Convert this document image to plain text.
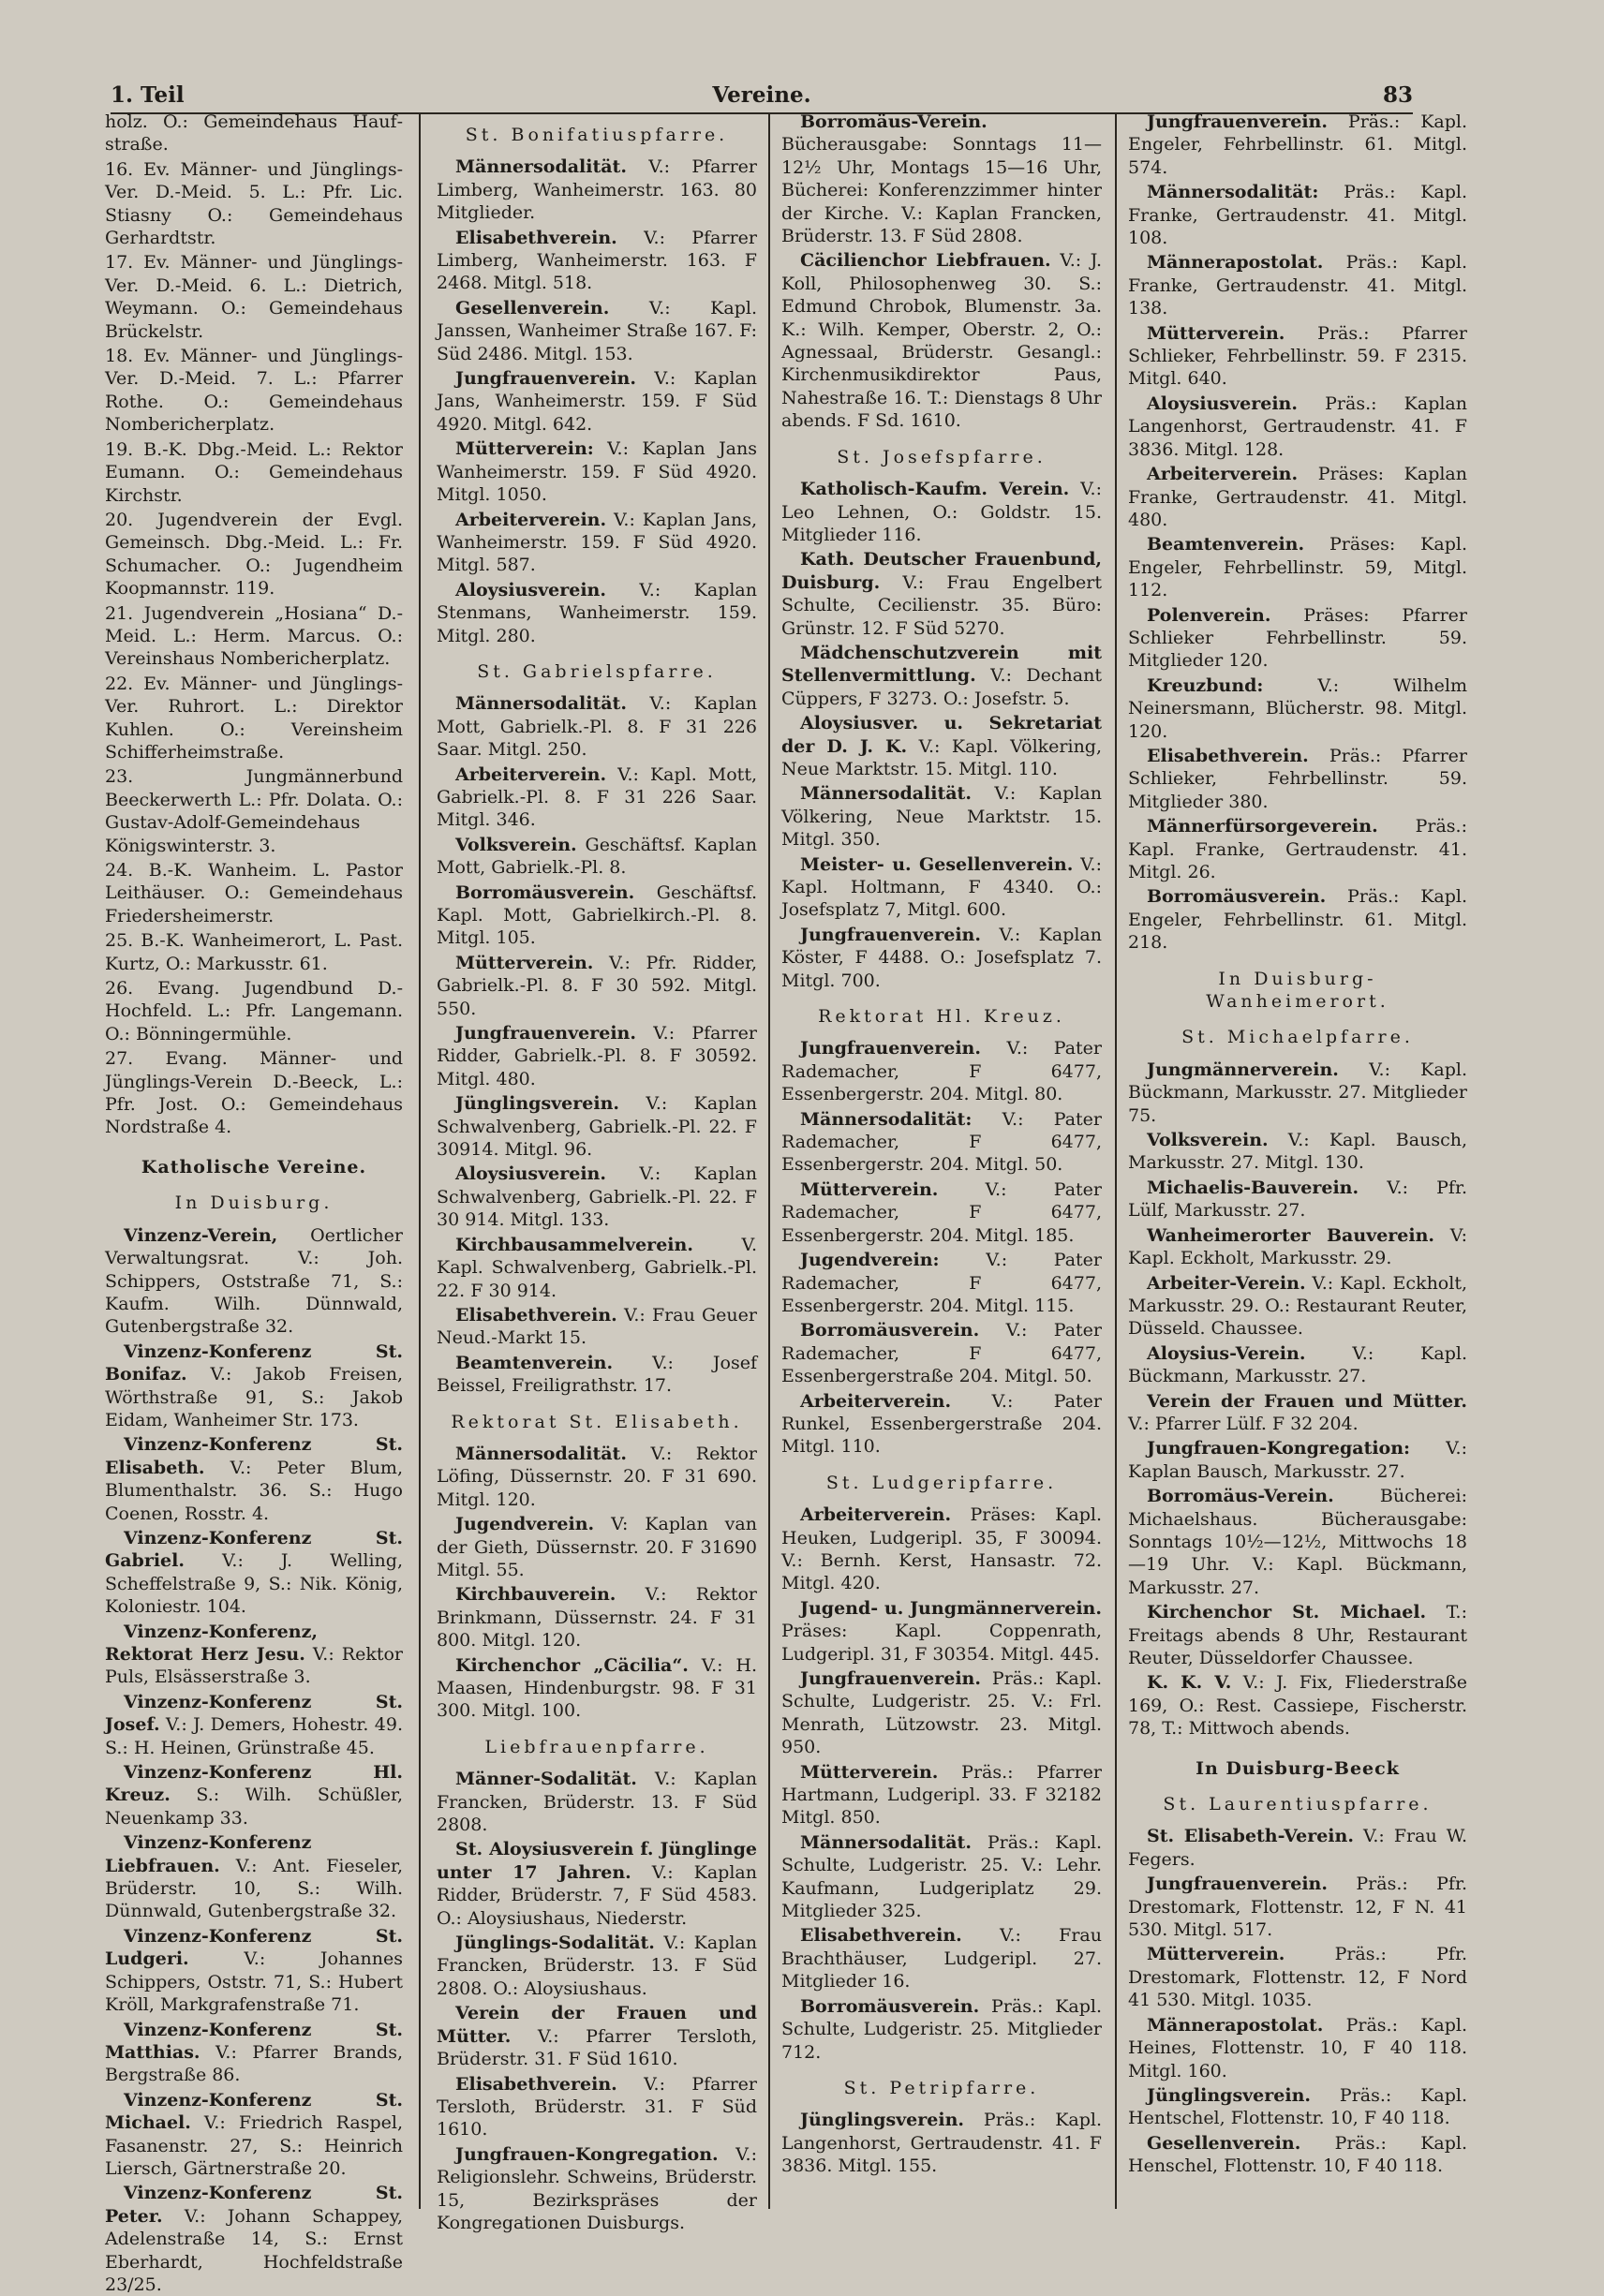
1. Teil	Vereine.	83

holz. O.: Gemeindehaus Haufstraße.

16. Ev. Männer- und Jünglings-Ver. D.-Meid. 5. L.: Pfr. Lic. Stiasny O.: Gemeindehaus Gerhardtstr.

17. Ev. Männer- und Jünglings-Ver. D.-Meid. 6. L.: Dietrich, Weymann. O.: Gemeindehaus Brückelstr.

18. Ev. Männer- und Jünglings-Ver. D.-Meid. 7. L.: Pfarrer Rothe. O.: Gemeindehaus Nombericherplatz.

19. B.-K. Dbg.-Meid. L.: Rektor Eumann. O.: Gemeindehaus Kirchstr.

20. Jugendverein der Evgl. Gemeinsch. Dbg.-Meid. L.: Fr. Schumacher. O.: Jugendheim Koopmannstr. 119.

21. Jugendverein „Hosiana“ D.-Meid. L.: Herm. Marcus. O.: Vereinshaus Nombericherplatz.

22. Ev. Männer- und Jünglings-Ver. Ruhrort. L.: Direktor Kuhlen. O.: Vereinsheim Schifferheimstraße.

23. Jungmännerbund Beeckerwerth L.: Pfr. Dolata. O.: Gustav-Adolf-Gemeindehaus Königswinterstr. 3.

24. B.-K. Wanheim. L. Pastor Leithäuser. O.: Gemeindehaus Friedersheimerstr.

25. B.-K. Wanheimerort, L. Past. Kurtz, O.: Markusstr. 61.

26. Evang. Jugendbund D.-Hochfeld. L.: Pfr. Langemann. O.: Bönningermühle.

27. Evang. Männer- und Jünglings-Verein D.-Beeck, L.: Pfr. Jost. O.: Gemeindehaus Nordstraße 4.

Katholische Vereine.

In Duisburg.

Vinzenz-Verein, Oertlicher Verwaltungsrat. V.: Joh. Schippers, Oststraße 71, S.: Kaufm. Wilh. Dünnwald, Gutenbergstraße 32.

Vinzenz-Konferenz St. Bonifaz. V.: Jakob Freisen, Wörthstraße 91, S.: Jakob Eidam, Wanheimer Str. 173.

Vinzenz-Konferenz St. Elisabeth. V.: Peter Blum, Blumenthalstr. 36. S.: Hugo Coenen, Rosstr. 4.

Vinzenz-Konferenz St. Gabriel. V.: J. Welling, Scheffelstraße 9, S.: Nik. König, Koloniestr. 104.

Vinzenz-Konferenz, Rektorat Herz Jesu. V.: Rektor Puls, Elsässerstraße 3.

Vinzenz-Konferenz St. Josef. V.: J. Demers, Hohestr. 49. S.: H. Heinen, Grünstraße 45.

Vinzenz-Konferenz Hl. Kreuz. S.: Wilh. Schüßler, Neuenkamp 33.

Vinzenz-Konferenz Liebfrauen. V.: Ant. Fieseler, Brüderstr. 10, S.: Wilh. Dünnwald, Gutenbergstraße 32.

Vinzenz-Konferenz St. Ludgeri. V.: Johannes Schippers, Oststr. 71, S.: Hubert Kröll, Markgrafenstraße 71.

Vinzenz-Konferenz St. Matthias. V.: Pfarrer Brands, Bergstraße 86.

Vinzenz-Konferenz St. Michael. V.: Friedrich Raspel, Fasanenstr. 27, S.: Heinrich Liersch, Gärtnerstraße 20.

Vinzenz-Konferenz St. Peter. V.: Johann Schappey, Adelenstraße 14, S.: Ernst Eberhardt, Hochfeldstraße 23/25.

St. Bonifatiuspfarre.

Männersodalität. V.: Pfarrer Limberg, Wanheimerstr. 163. 80 Mitglieder.

Elisabethverein. V.: Pfarrer Limberg, Wanheimerstr. 163. F 2468. Mitgl. 518.

Gesellenverein. V.: Kapl. Janssen, Wanheimer Straße 167. F: Süd 2486. Mitgl. 153.

Jungfrauenverein. V.: Kaplan Jans, Wanheimerstr. 159. F Süd 4920. Mitgl. 642.

Mütterverein: V.: Kaplan Jans Wanheimerstr. 159. F Süd 4920. Mitgl. 1050.

Arbeiterverein. V.: Kaplan Jans, Wanheimerstr. 159. F Süd 4920. Mitgl. 587.

Aloysiusverein. V.: Kaplan Stenmans, Wanheimerstr. 159. Mitgl. 280.

St. Gabrielspfarre.

Männersodalität. V.: Kaplan Mott, Gabrielk.-Pl. 8. F 31 226 Saar. Mitgl. 250.

Arbeiterverein. V.: Kapl. Mott, Gabrielk.-Pl. 8. F 31 226 Saar. Mitgl. 346.

Volksverein. Geschäftsf. Kaplan Mott, Gabrielk.-Pl. 8.

Borromäusverein. Geschäftsf. Kapl. Mott, Gabrielkirch.-Pl. 8. Mitgl. 105.

Mütterverein. V.: Pfr. Ridder, Gabrielk.-Pl. 8. F 30 592. Mitgl. 550.

Jungfrauenverein. V.: Pfarrer Ridder, Gabrielk.-Pl. 8. F 30592. Mitgl. 480.

Jünglingsverein. V.: Kaplan Schwalvenberg, Gabrielk.-Pl. 22. F 30914. Mitgl. 96.

Aloysiusverein. V.: Kaplan Schwalvenberg, Gabrielk.-Pl. 22. F 30 914. Mitgl. 133.

Kirchbausammelverein. V. Kapl. Schwalvenberg, Gabrielk.-Pl. 22. F 30 914.

Elisabethverein. V.: Frau Geuer Neud.-Markt 15.

Beamtenverein. V.: Josef Beissel, Freiligrathstr. 17.

Rektorat St. Elisabeth.

Männersodalität. V.: Rektor Löfing, Düssernstr. 20. F 31 690. Mitgl. 120.

Jugendverein. V: Kaplan van der Gieth, Düssernstr. 20. F 31690 Mitgl. 55.

Kirchbauverein. V.: Rektor Brinkmann, Düssernstr. 24. F 31 800. Mitgl. 120.

Kirchenchor „Cäcilia“. V.: H. Maasen, Hindenburgstr. 98. F 31 300. Mitgl. 100.

Liebfrauenpfarre.

Männer-Sodalität. V.: Kaplan Francken, Brüderstr. 13. F Süd 2808.

St. Aloysiusverein f. Jünglinge unter 17 Jahren. V.: Kaplan Ridder, Brüderstr. 7, F Süd 4583. O.: Aloysiushaus, Niederstr.

Jünglings-Sodalität. V.: Kaplan Francken, Brüderstr. 13. F Süd 2808. O.: Aloysiushaus.

Verein der Frauen und Mütter. V.: Pfarrer Tersloth, Brüderstr. 31. F Süd 1610.

Elisabethverein. V.: Pfarrer Tersloth, Brüderstr. 31. F Süd 1610.

Jungfrauen-Kongregation. V.: Religionslehr. Schweins, Brüderstr. 15, Bezirkspräses der Kongregationen Duisburgs.

Borromäus-Verein. Bücherausgabe: Sonntags 11—12½ Uhr, Montags 15—16 Uhr, Bücherei: Konferenzzimmer hinter der Kirche. V.: Kaplan Francken, Brüderstr. 13. F Süd 2808.

Cäcilienchor Liebfrauen. V.: J. Koll, Philosophenweg 30. S.: Edmund Chrobok, Blumenstr. 3a. K.: Wilh. Kemper, Oberstr. 2, O.: Agnessaal, Brüderstr. Gesangl.: Kirchenmusikdirektor Paus, Nahestraße 16. T.: Dienstags 8 Uhr abends. F Sd. 1610.

St. Josefspfarre.

Katholisch-Kaufm. Verein. V.: Leo Lehnen, O.: Goldstr. 15. Mitglieder 116.

Kath. Deutscher Frauenbund, Duisburg. V.: Frau Engelbert Schulte, Cecilienstr. 35. Büro: Grünstr. 12. F Süd 5270.

Mädchenschutzverein mit Stellenvermittlung. V.: Dechant Cüppers, F 3273. O.: Josefstr. 5.

Aloysiusver. u. Sekretariat der D. J. K. V.: Kapl. Völkering, Neue Marktstr. 15. Mitgl. 110.

Männersodalität. V.: Kaplan Völkering, Neue Marktstr. 15. Mitgl. 350.

Meister- u. Gesellenverein. V.: Kapl. Holtmann, F 4340. O.: Josefsplatz 7, Mitgl. 600.

Jungfrauenverein. V.: Kaplan Köster, F 4488. O.: Josefsplatz 7. Mitgl. 700.

Rektorat Hl. Kreuz.

Jungfrauenverein. V.: Pater Rademacher, F 6477, Essenbergerstr. 204. Mitgl. 80.

Männersodalität: V.: Pater Rademacher, F 6477, Essenbergerstr. 204. Mitgl. 50.

Mütterverein. V.: Pater Rademacher, F 6477, Essenbergerstr. 204. Mitgl. 185.

Jugendverein: V.: Pater Rademacher, F 6477, Essenbergerstr. 204. Mitgl. 115.

Borromäusverein. V.: Pater Rademacher, F 6477, Essenbergerstraße 204. Mitgl. 50.

Arbeiterverein. V.: Pater Runkel, Essenbergerstraße 204. Mitgl. 110.

St. Ludgeripfarre.

Arbeiterverein. Präses: Kapl. Heuken, Ludgeripl. 35, F 30094. V.: Bernh. Kerst, Hansastr. 72. Mitgl. 420.

Jugend- u. Jungmännerverein. Präses: Kapl. Coppenrath, Ludgeripl. 31, F 30354. Mitgl. 445.

Jungfrauenverein. Präs.: Kapl. Schulte, Ludgeristr. 25. V.: Frl. Menrath, Lützowstr. 23. Mitgl. 950.

Mütterverein. Präs.: Pfarrer Hartmann, Ludgeripl. 33. F 32182 Mitgl. 850.

Männersodalität. Präs.: Kapl. Schulte, Ludgeristr. 25. V.: Lehr. Kaufmann, Ludgeriplatz 29. Mitglieder 325.

Elisabethverein. V.: Frau Brachthäuser, Ludgeripl. 27. Mitglieder 16.

Borromäusverein. Präs.: Kapl. Schulte, Ludgeristr. 25. Mitglieder 712.

St. Petripfarre.

Jünglingsverein. Präs.: Kapl. Langenhorst, Gertraudenstr. 41. F 3836. Mitgl. 155.

Jungfrauenverein. Präs.: Kapl. Engeler, Fehrbellinstr. 61. Mitgl. 574.

Männersodalität: Präs.: Kapl. Franke, Gertraudenstr. 41. Mitgl. 108.

Männerapostolat. Präs.: Kapl. Franke, Gertraudenstr. 41. Mitgl. 138.

Mütterverein. Präs.: Pfarrer Schlieker, Fehrbellinstr. 59. F 2315. Mitgl. 640.

Aloysiusverein. Präs.: Kaplan Langenhorst, Gertraudenstr. 41. F 3836. Mitgl. 128.

Arbeiterverein. Präses: Kaplan Franke, Gertraudenstr. 41. Mitgl. 480.

Beamtenverein. Präses: Kapl. Engeler, Fehrbellinstr. 59, Mitgl. 112.

Polenverein. Präses: Pfarrer Schlieker Fehrbellinstr. 59. Mitglieder 120.

Kreuzbund: V.: Wilhelm Neinersmann, Blücherstr. 98. Mitgl. 120.

Elisabethverein. Präs.: Pfarrer Schlieker, Fehrbellinstr. 59. Mitglieder 380.

Männerfürsorgeverein. Präs.: Kapl. Franke, Gertraudenstr. 41. Mitgl. 26.

Borromäusverein. Präs.: Kapl. Engeler, Fehrbellinstr. 61. Mitgl. 218.

In Duisburg-Wanheimerort.

St. Michaelpfarre.

Jungmännerverein. V.: Kapl. Bückmann, Markusstr. 27. Mitglieder 75.

Volksverein. V.: Kapl. Bausch, Markusstr. 27. Mitgl. 130.

Michaelis-Bauverein. V.: Pfr. Lülf, Markusstr. 27.

Wanheimerorter Bauverein. V: Kapl. Eckholt, Markusstr. 29.

Arbeiter-Verein. V.: Kapl. Eckholt, Markusstr. 29. O.: Restaurant Reuter, Düsseld. Chaussee.

Aloysius-Verein. V.: Kapl. Bückmann, Markusstr. 27.

Verein der Frauen und Mütter. V.: Pfarrer Lülf. F 32 204.

Jungfrauen-Kongregation: V.: Kaplan Bausch, Markusstr. 27.

Borromäus-Verein. Bücherei: Michaelshaus. Bücherausgabe: Sonntags 10½—12½, Mittwochs 18—19 Uhr. V.: Kapl. Bückmann, Markusstr. 27.

Kirchenchor St. Michael. T.: Freitags abends 8 Uhr, Restaurant Reuter, Düsseldorfer Chaussee.

K. K. V. V.: J. Fix, Fliederstraße 169, O.: Rest. Cassiepe, Fischerstr. 78, T.: Mittwoch abends.

In Duisburg-Beeck

St. Laurentiuspfarre.

St. Elisabeth-Verein. V.: Frau W. Fegers.

Jungfrauenverein. Präs.: Pfr. Drestomark, Flottenstr. 12, F N. 41 530. Mitgl. 517.

Mütterverein. Präs.: Pfr. Drestomark, Flottenstr. 12, F Nord 41 530. Mitgl. 1035.

Männerapostolat. Präs.: Kapl. Heines, Flottenstr. 10, F 40 118. Mitgl. 160.

Jünglingsverein. Präs.: Kapl. Hentschel, Flottenstr. 10, F 40 118.

Gesellenverein. Präs.: Kapl. Henschel, Flottenstr. 10, F 40 118.
